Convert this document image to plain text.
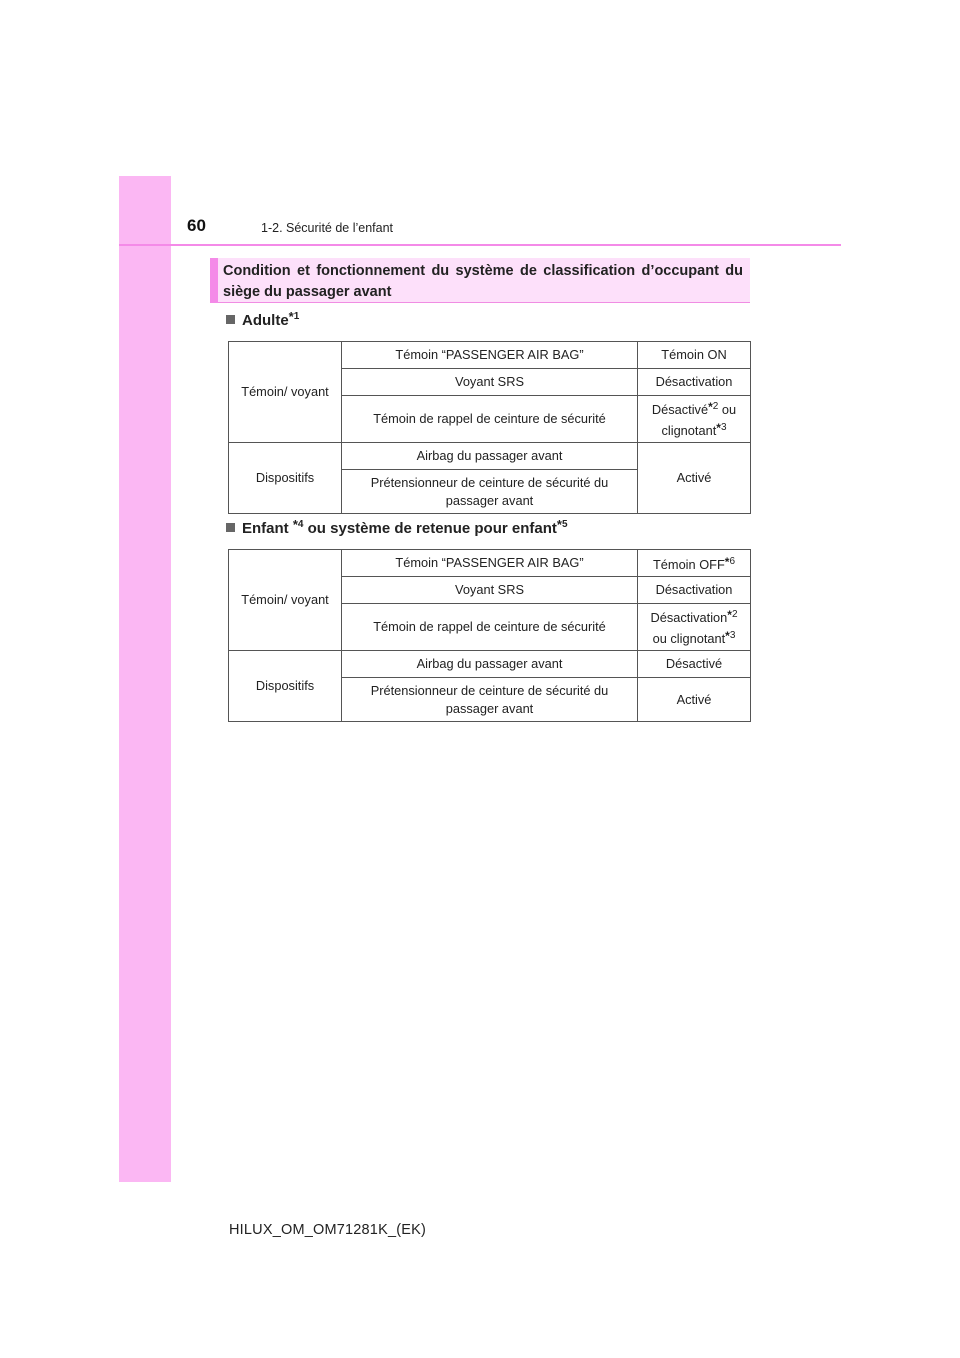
60	1-2. Sécurité de l’enfant
Condition et fonctionnement du système de classification d’occupant du siège du passager avant
Adulte*$^1$
Témoin/ voyant	Témoin “PASSENGER AIR BAG”	Témoin ON
	Voyant SRS	Désactivation
	Témoin de rappel de ceinture de sécurité	Désactivé*$^2$ ou
clignotant*$^3$
Dispositifs	Airbag du passager avant	Activé
	Prétensionneur de ceinture de sécurité du passager avant	
Enfant *$^4$ ou système de retenue pour enfant*$^5$
Témoin/ voyant	Témoin “PASSENGER AIR BAG”	Témoin OFF*$^6$
	Voyant SRS	Désactivation
	Témoin de rappel de ceinture de sécurité	Désactivation*$^2$
ou clignotant*$^3$
Dispositifs	Airbag du passager avant	Désactivé
	Prétensionneur de ceinture de sécurité du passager avant	Activé
HILUX_OM_OM71281K_(EK)
